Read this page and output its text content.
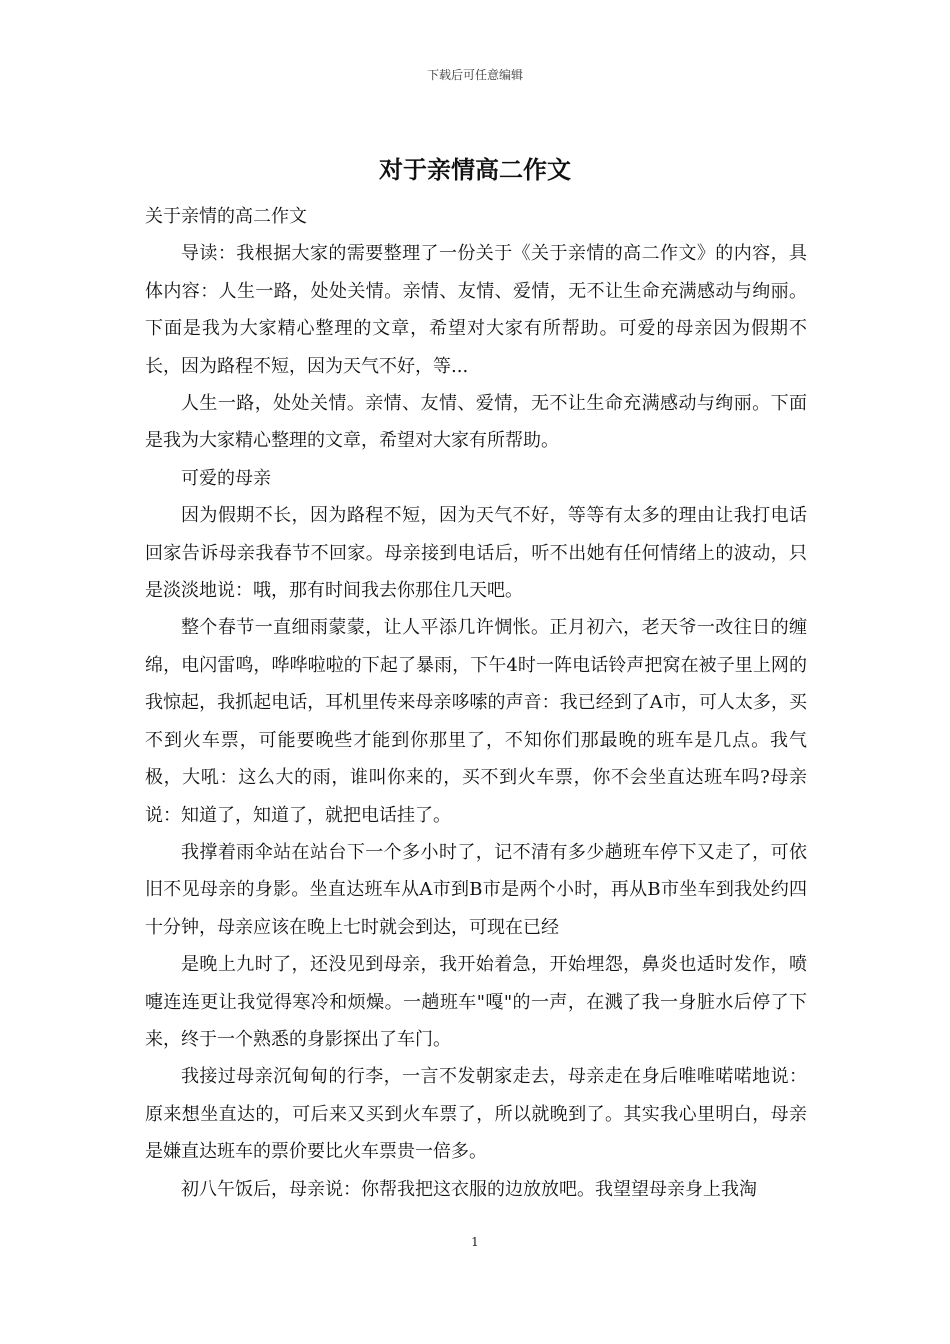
下载后可任意编辑
对于亲情高二作文

关于亲情的高二作文

导读：我根据大家的需要整理了一份关于《关于亲情的高二作文》的内容，具体内容：人生一路，处处关情。亲情、友情、爱情，无不让生命充满感动与绚丽。下面是我为大家精心整理的文章，希望对大家有所帮助。可爱的母亲因为假期不长，因为路程不短，因为天气不好，等...

人生一路，处处关情。亲情、友情、爱情，无不让生命充满感动与绚丽。下面是我为大家精心整理的文章，希望对大家有所帮助。

可爱的母亲

因为假期不长，因为路程不短，因为天气不好，等等有太多的理由让我打电话回家告诉母亲我春节不回家。母亲接到电话后，听不出她有任何情绪上的波动，只是淡淡地说：哦，那有时间我去你那住几天吧。

整个春节一直细雨蒙蒙，让人平添几许惆怅。正月初六，老天爷一改往日的缠绵，电闪雷鸣，哗哗啦啦的下起了暴雨，下午4时一阵电话铃声把窝在被子里上网的我惊起，我抓起电话，耳机里传来母亲哆嗦的声音：我已经到了A市，可人太多，买不到火车票，可能要晚些才能到你那里了，不知你们那最晚的班车是几点。我气极，大吼：这么大的雨，谁叫你来的，买不到火车票，你不会坐直达班车吗?母亲说：知道了，知道了，就把电话挂了。

我撑着雨伞站在站台下一个多小时了，记不清有多少趟班车停下又走了，可依旧不见母亲的身影。坐直达班车从A市到B市是两个小时，再从B市坐车到我处约四十分钟，母亲应该在晚上七时就会到达，可现在已经

是晚上九时了，还没见到母亲，我开始着急，开始埋怨，鼻炎也适时发作，喷嚏连连更让我觉得寒冷和烦燥。一趟班车"嘎"的一声，在溅了我一身脏水后停了下来，终于一个熟悉的身影探出了车门。

我接过母亲沉甸甸的行李，一言不发朝家走去，母亲走在身后唯唯喏喏地说：原来想坐直达的，可后来又买到火车票了，所以就晚到了。其实我心里明白，母亲是嫌直达班车的票价要比火车票贵一倍多。

初八午饭后，母亲说：你帮我把这衣服的边放放吧。我望望母亲身上我淘

1
